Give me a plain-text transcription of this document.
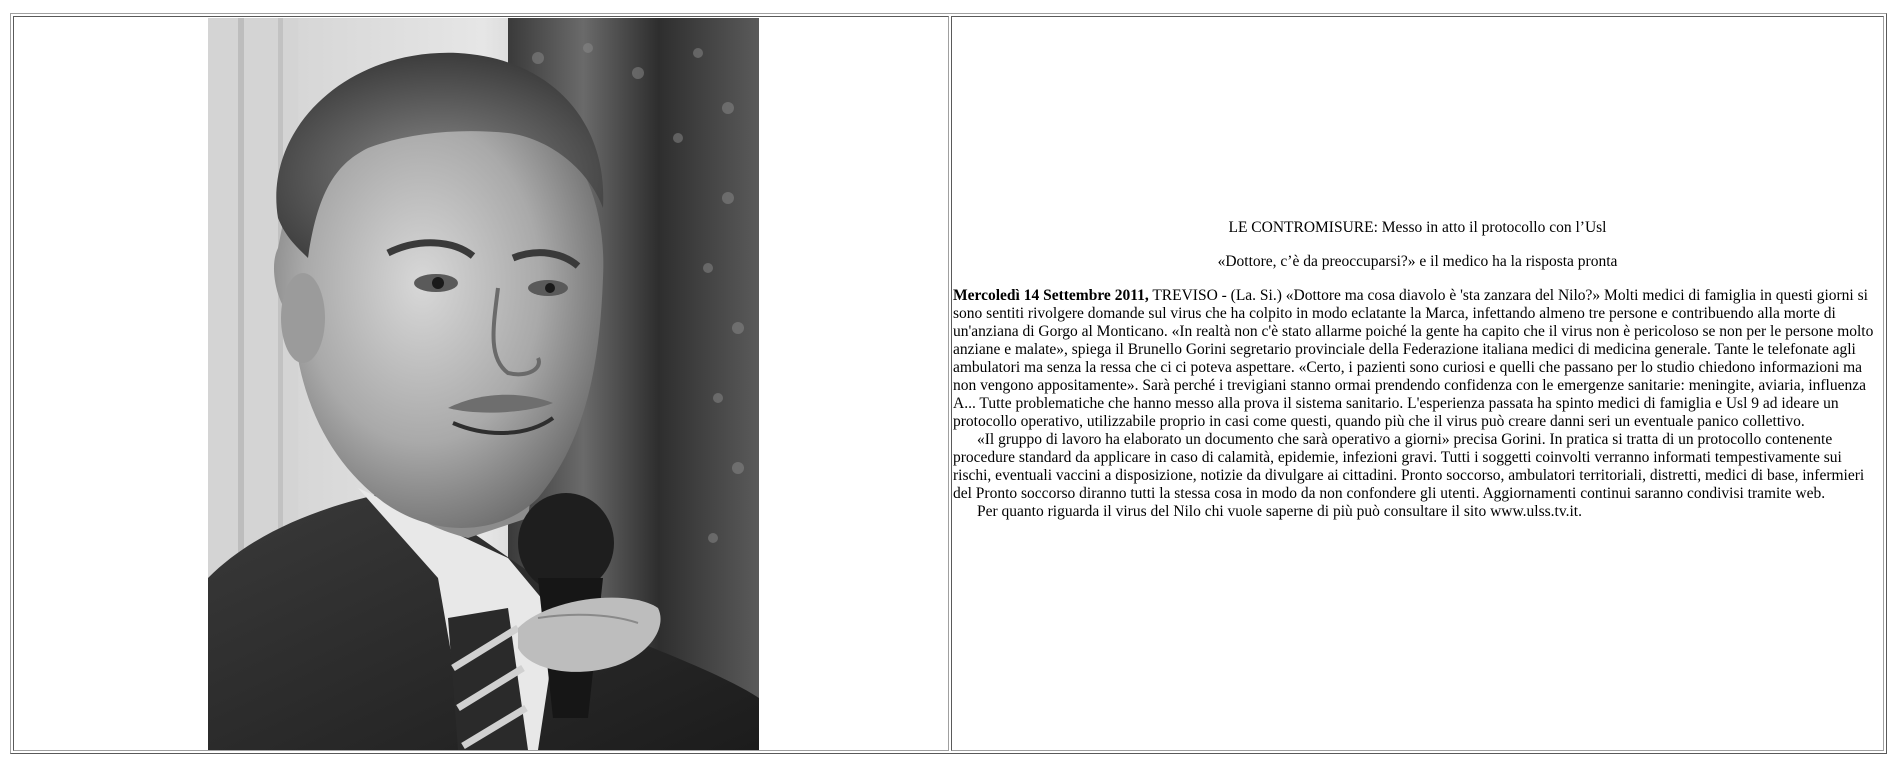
LE CONTROMISURE: Messo in atto il protocollo con l’Usl

«Dottore, c’è da preoccuparsi?» e il medico ha la risposta pronta

Mercoledì 14 Settembre 2011, TREVISO - (La. Si.) «Dottore ma cosa diavolo è 'sta zanzara del Nilo?» Molti medici di famiglia in questi giorni si sono sentiti rivolgere domande sul virus che ha colpito in modo eclatante la Marca, infettando almeno tre persone e contribuendo alla morte di un'anziana di Gorgo al Monticano. «In realtà non c'è stato allarme poiché la gente ha capito che il virus non è pericoloso se non per le persone molto anziane e malate», spiega il Brunello Gorini segretario provinciale della Federazione italiana medici di medicina generale. Tante le telefonate agli ambulatori ma senza la ressa che ci ci poteva aspettare. «Certo, i pazienti sono curiosi e quelli che passano per lo studio chiedono informazioni ma non vengono appositamente». Sarà perché i trevigiani stanno ormai prendendo confidenza con le emergenze sanitarie: meningite, aviaria, influenza A... Tutte problematiche che hanno messo alla prova il sistema sanitario. L'esperienza passata ha spinto medici di famiglia e Usl 9 ad ideare un protocollo operativo, utilizzabile proprio in casi come questi, quando più che il virus può creare danni seri un eventuale panico collettivo.

«Il gruppo di lavoro ha elaborato un documento che sarà operativo a giorni» precisa Gorini. In pratica si tratta di un protocollo contenente procedure standard da applicare in caso di calamità, epidemie, infezioni gravi. Tutti i soggetti coinvolti verranno informati tempestivamente sui rischi, eventuali vaccini a disposizione, notizie da divulgare ai cittadini. Pronto soccorso, ambulatori territoriali, distretti, medici di base, infermieri del Pronto soccorso diranno tutti la stessa cosa in modo da non confondere gli utenti. Aggiornamenti continui saranno condivisi tramite web.

Per quanto riguarda il virus del Nilo chi vuole saperne di più può consultare il sito www.ulss.tv.it.
